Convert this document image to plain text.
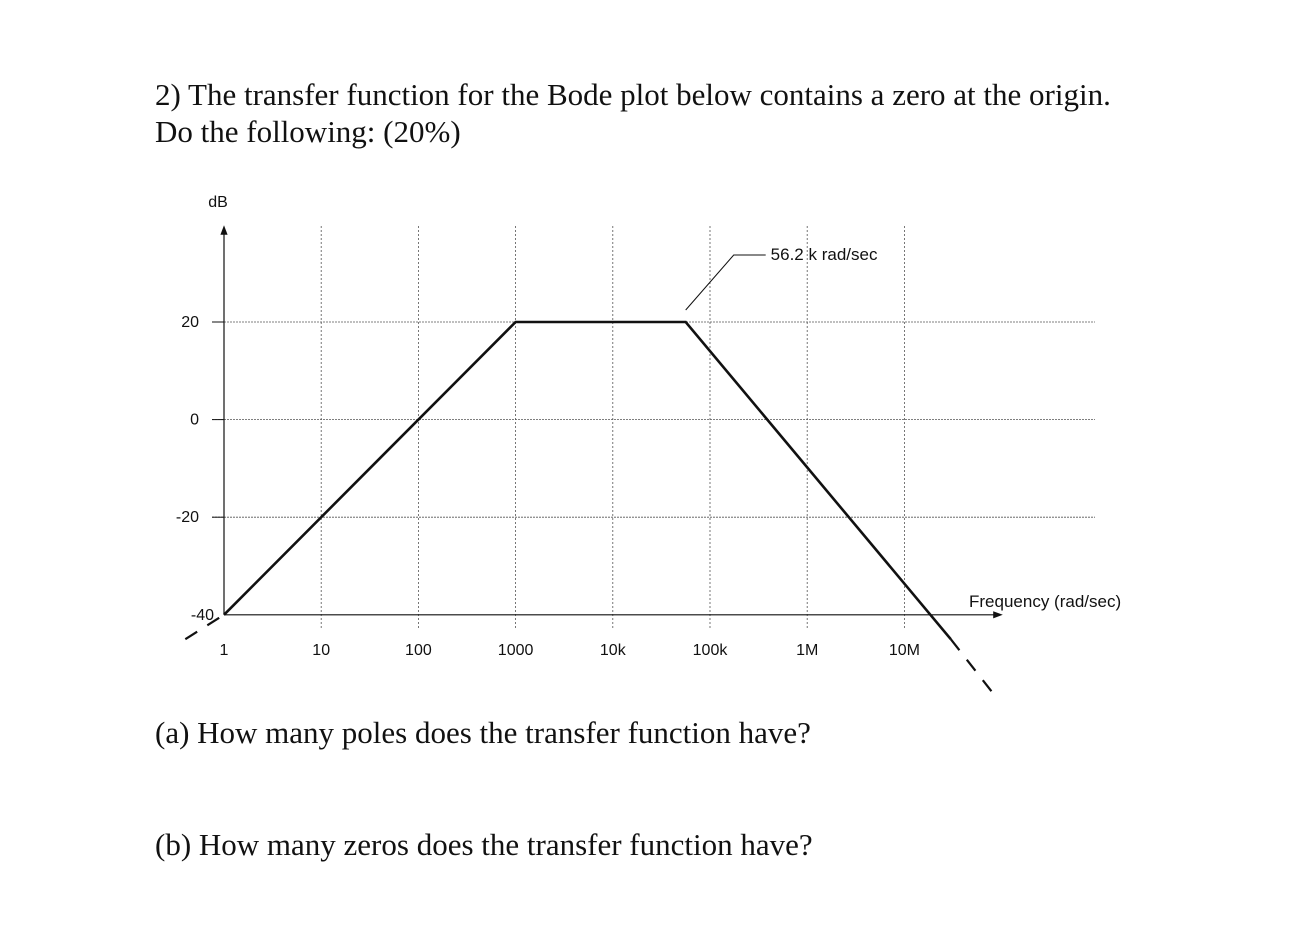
2) The transfer function for the Bode plot below contains a zero at the origin.
Do the following: (20%)
20
0
-20
-40
1	10	100	1000	10k	100k	1M	10M
dB
Frequency (rad/sec)
56.2 k rad/sec
(a) How many poles does the transfer function have?
(b) How many zeros does the transfer function have?
